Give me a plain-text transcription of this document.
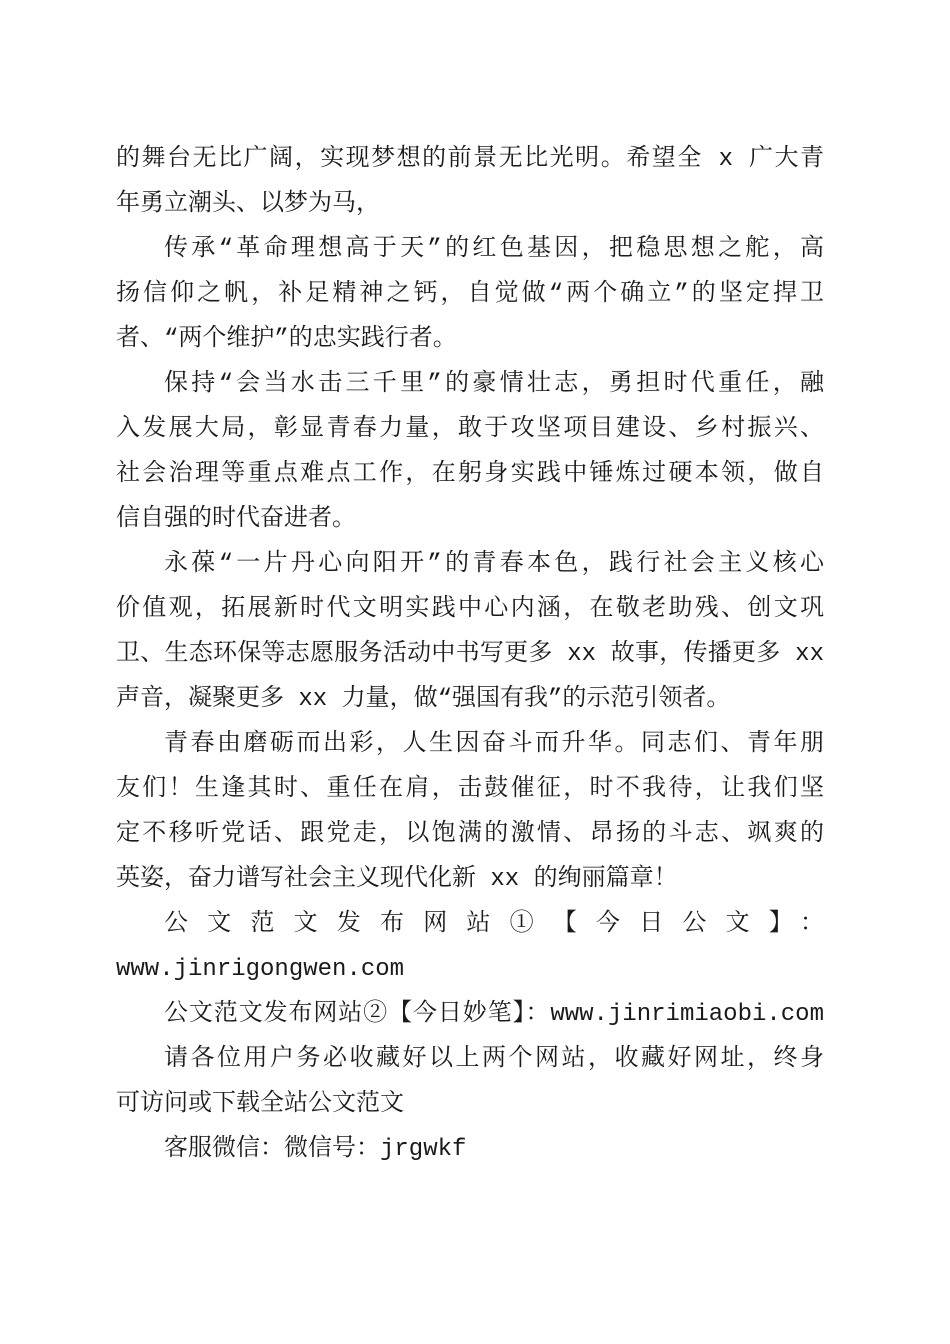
的舞台无比广阔，实现梦想的前景无比光明。希望全 x 广大青
年勇立潮头、以梦为马，
传承“革命理想高于天”的红色基因，把稳思想之舵，高
扬信仰之帆，补足精神之钙，自觉做“两个确立”的坚定捍卫
者、“两个维护”的忠实践行者。
保持“会当水击三千里”的豪情壮志，勇担时代重任，融
入发展大局，彰显青春力量，敢于攻坚项目建设、乡村振兴、
社会治理等重点难点工作，在躬身实践中锤炼过硬本领，做自
信自强的时代奋进者。
永葆“一片丹心向阳开”的青春本色，践行社会主义核心
价值观，拓展新时代文明实践中心内涵，在敬老助残、创文巩
卫、生态环保等志愿服务活动中书写更多 xx 故事，传播更多 xx
声音，凝聚更多 xx 力量，做“强国有我”的示范引领者。
青春由磨砺而出彩，人生因奋斗而升华。同志们、青年朋
友们！生逢其时、重任在肩，击鼓催征，时不我待，让我们坚
定不移听党话、跟党走，以饱满的激情、昂扬的斗志、飒爽的
英姿，奋力谱写社会主义现代化新 xx 的绚丽篇章！
公文范文发布网站①【今日公文】：
www.jinrigongwen.com
公文范文发布网站②【今日妙笔】：www.jinrimiaobi.com
请各位用户务必收藏好以上两个网站，收藏好网址，终身
可访问或下载全站公文范文
客服微信：微信号：jrgwkf
